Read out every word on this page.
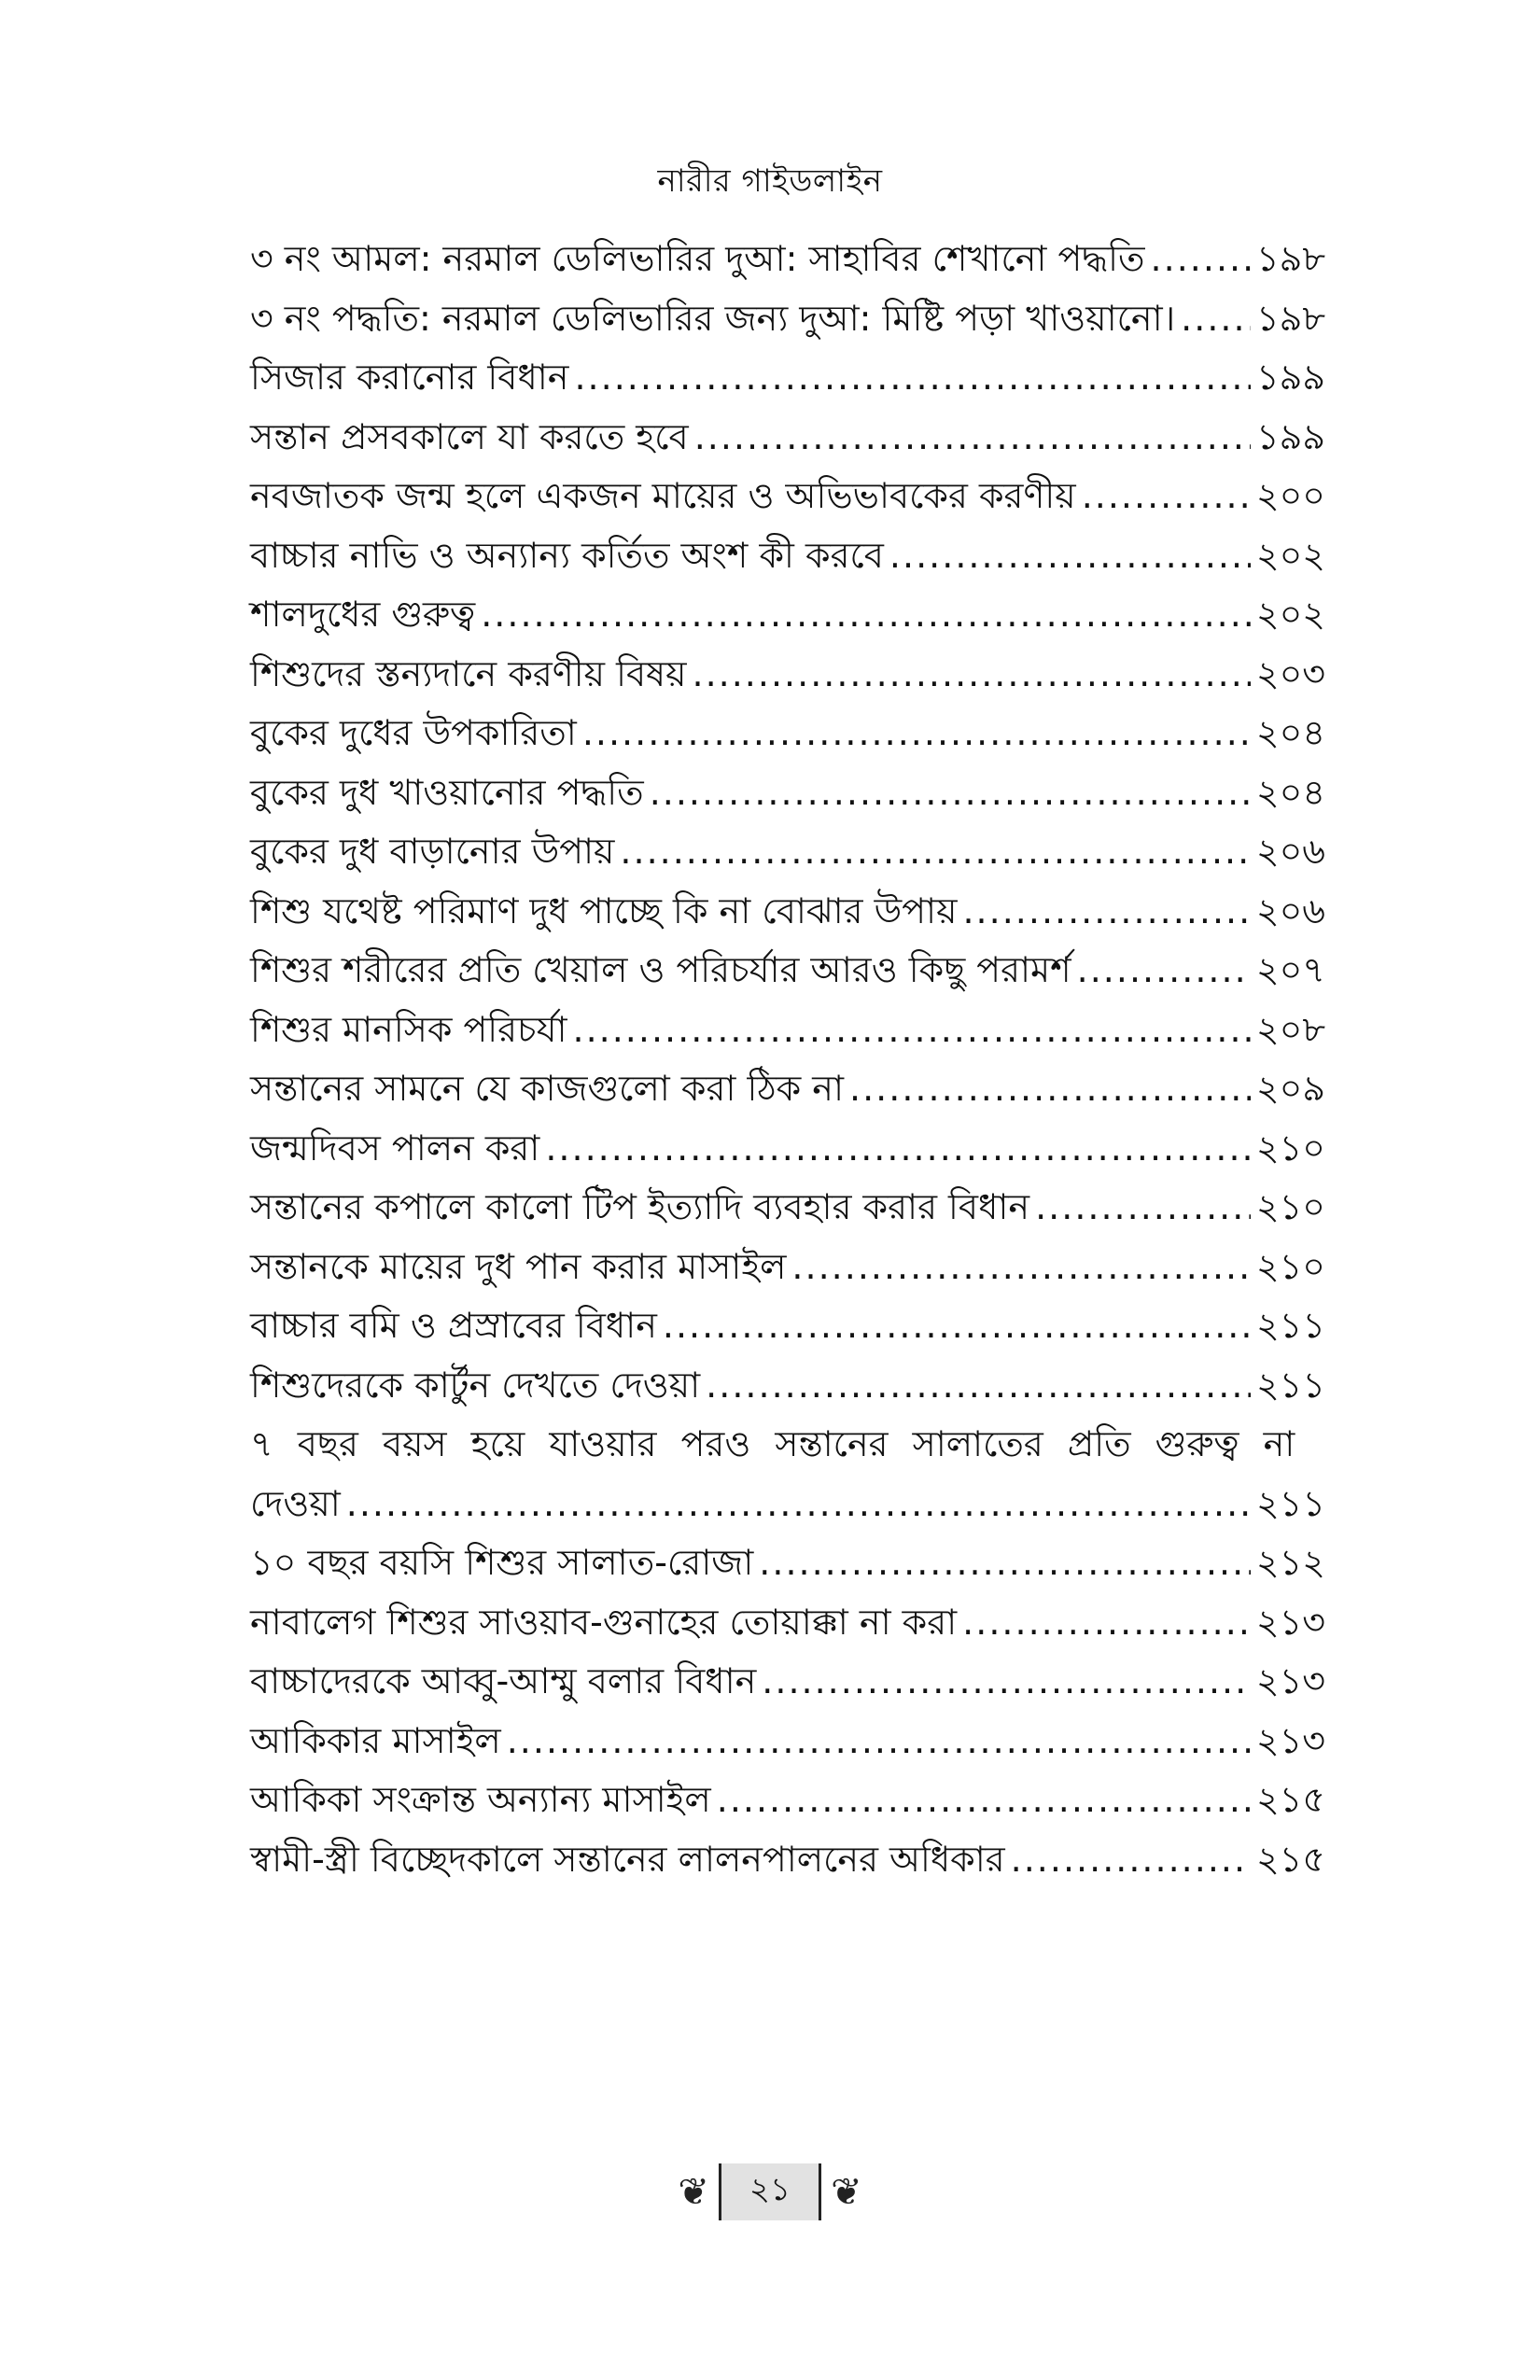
নারীর গাইডলাইন
৩ নং আমল: নরমাল ডেলিভারির দুআ: সাহাবির শেখানো পদ্ধতি .....	১৯৮
৩ নং পদ্ধতি: নরমাল ডেলিভারির জন্য দুআ: মিষ্টি পড়া খাওয়ানো। ..... ১৯৮
সিজার করানোর বিধান .....	১৯৯
সন্তান প্রসবকালে যা করতে হবে .....	১৯৯
নবজাতক জন্ম হলে একজন মায়ের ও অভিভাবকের করণীয় .....	২০০
বাচ্চার নাভি ও অন্যান্য কর্তিত অংশ কী করবে .....	২০২
শালদুধের গুরুত্ব .....	২০২
শিশুদের স্তন্যদানে করণীয় বিষয় .....	২০৩
বুকের দুধের উপকারিতা .....	২০৪
বুকের দুধ খাওয়ানোর পদ্ধতি .....	২০৪
বুকের দুধ বাড়ানোর উপায় .....	২০৬
শিশু যথেষ্ট পরিমাণ দুধ পাচ্ছে কি না বোঝার উপায় .....	২০৬
শিশুর শরীরের প্রতি খেয়াল ও পরিচর্যার আরও কিছু পরামর্শ .....	২০৭
শিশুর মানসিক পরিচর্যা .....	২০৮
সন্তানের সামনে যে কাজগুলো করা ঠিক না .....	২০৯
জন্মদিবস পালন করা .....	২১০
সন্তানের কপালে কালো টিপ ইত্যাদি ব্যবহার করার বিধান .....	২১০
সন্তানকে মায়ের দুধ পান করার মাসাইল .....	২১০
বাচ্চার বমি ও প্রস্রাবের বিধান .....	২১১
শিশুদেরকে কার্টুন দেখতে দেওয়া .....	২১১
৭ বছর বয়স হয়ে যাওয়ার পরও সন্তানের সালাতের প্রতি গুরুত্ব না
দেওয়া .....	২১১
১০ বছর বয়সি শিশুর সালাত-রোজা .....	২১২
নাবালেগ শিশুর সাওয়াব-গুনাহের তোয়াক্কা না করা .....	২১৩
বাচ্চাদেরকে আব্বু-আম্মু বলার বিধান .....	২১৩
আকিকার মাসাইল .....	২১৩
আকিকা সংক্রান্ত অন্যান্য মাসাইল .....	২১৫
স্বামী-স্ত্রী বিচ্ছেদকালে সন্তানের লালনপালনের অধিকার .....	২১৫
❦	২১	❦
